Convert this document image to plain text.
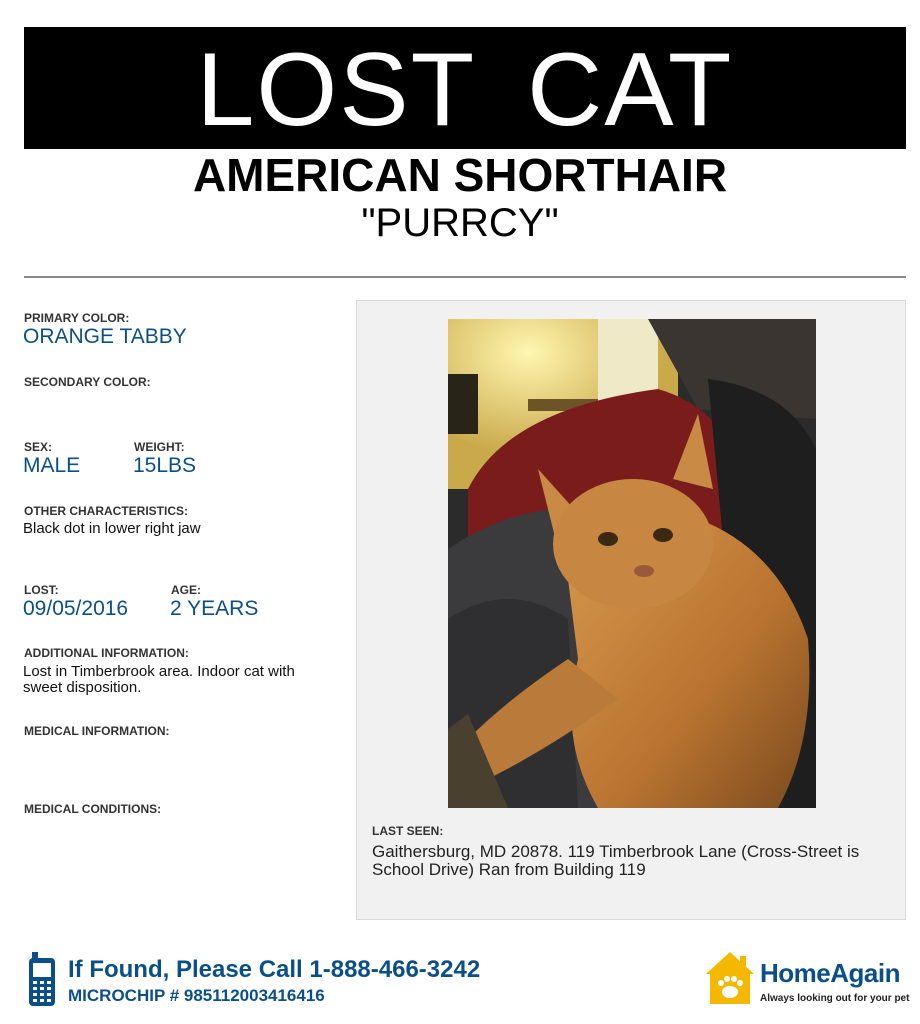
LOST CAT
AMERICAN SHORTHAIR
"PURRCY"
PRIMARY COLOR:
ORANGE TABBY
SECONDARY COLOR:
SEX:
MALE
WEIGHT:
15LBS
OTHER CHARACTERISTICS:
Black dot in lower right jaw
LOST:
09/05/2016
AGE:
2 YEARS
ADDITIONAL INFORMATION:
Lost in Timberbrook area. Indoor cat with sweet disposition.
MEDICAL INFORMATION:
MEDICAL CONDITIONS:
LAST SEEN:
Gaithersburg, MD 20878. 119 Timberbrook Lane (Cross-Street is School Drive) Ran from Building 119
If Found, Please Call 1-888-466-3242
MICROCHIP # 985112003416416
HomeAgain
Always looking out for your pet
